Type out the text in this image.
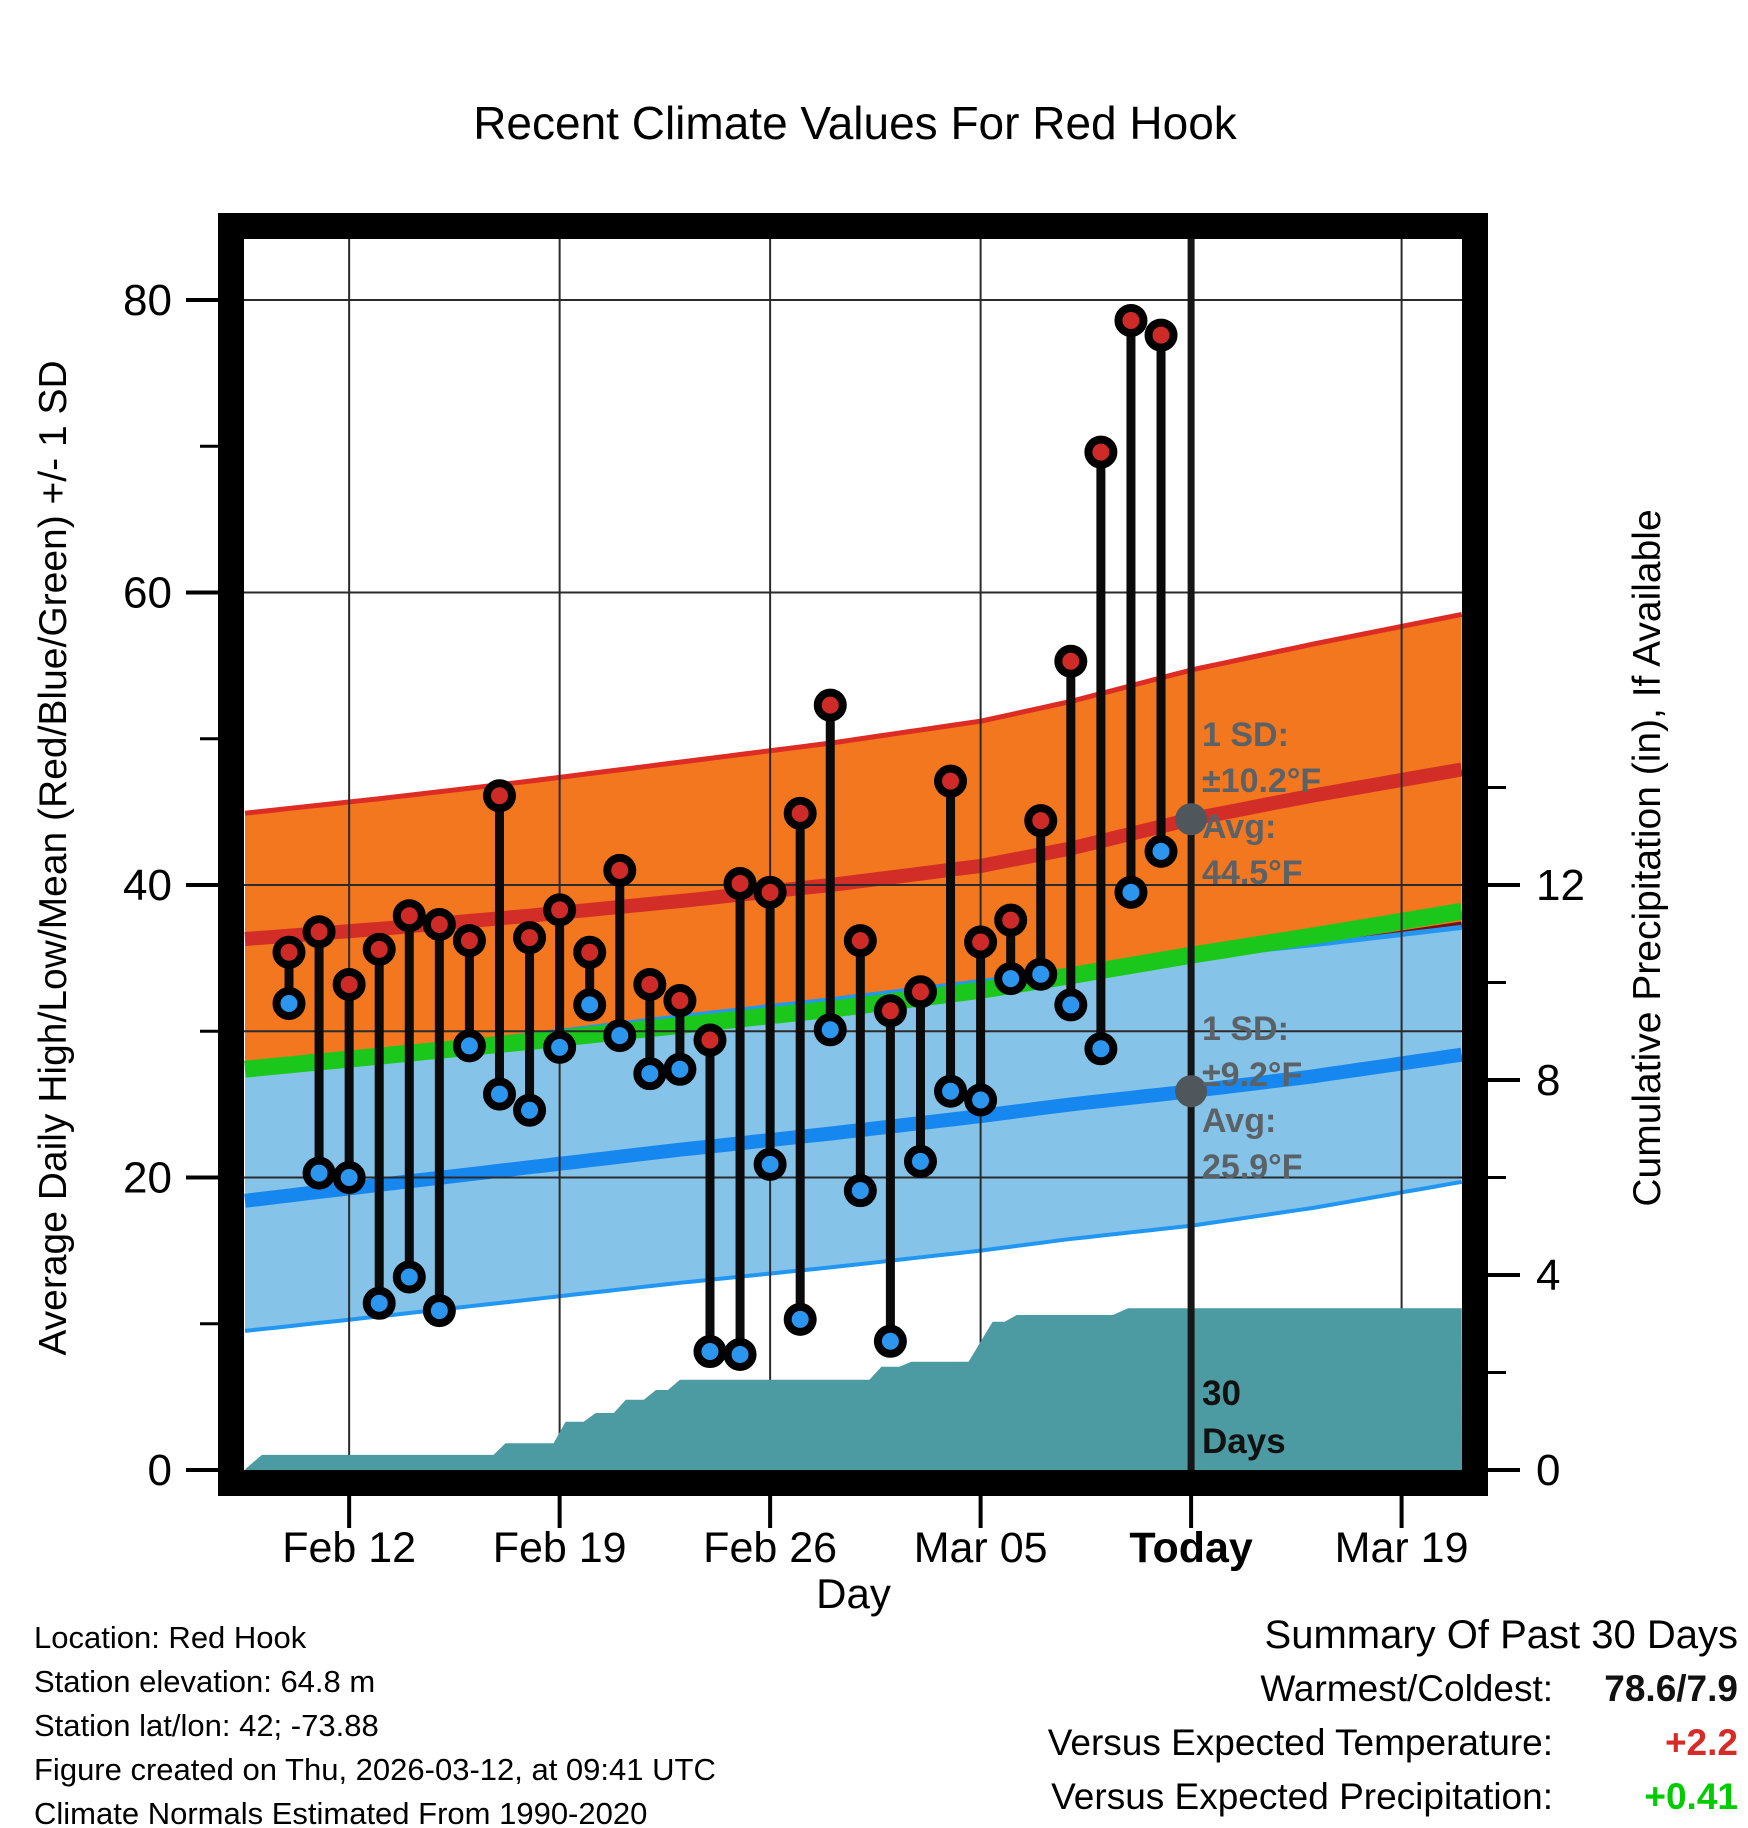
0
20
40
60
80
0
4
8
12
Feb 12 Feb 19 Feb 26 Mar 05 Today Mar 19
Recent Climate Values For Red Hook
Average Daily High/Low/Mean (Red/Blue/Green) +/- 1 SD	Cumulative Precipitation (in), If Available
Day
1 SD:
±10.2°F
Avg:
44.5°F
1 SD:
±9.2°F
Avg:
25.9°F
30
Days
Location: Red Hook
Station elevation: 64.8 m
Station lat/lon: 42; -73.88
Figure created on Thu, 2026-03-12, at 09:41 UTC
Climate Normals Estimated From 1990-2020
Summary Of Past 30 Days
Warmest/Coldest:	78.6/7.9
Versus Expected Temperature:	+2.2
Versus Expected Precipitation:	+0.41
